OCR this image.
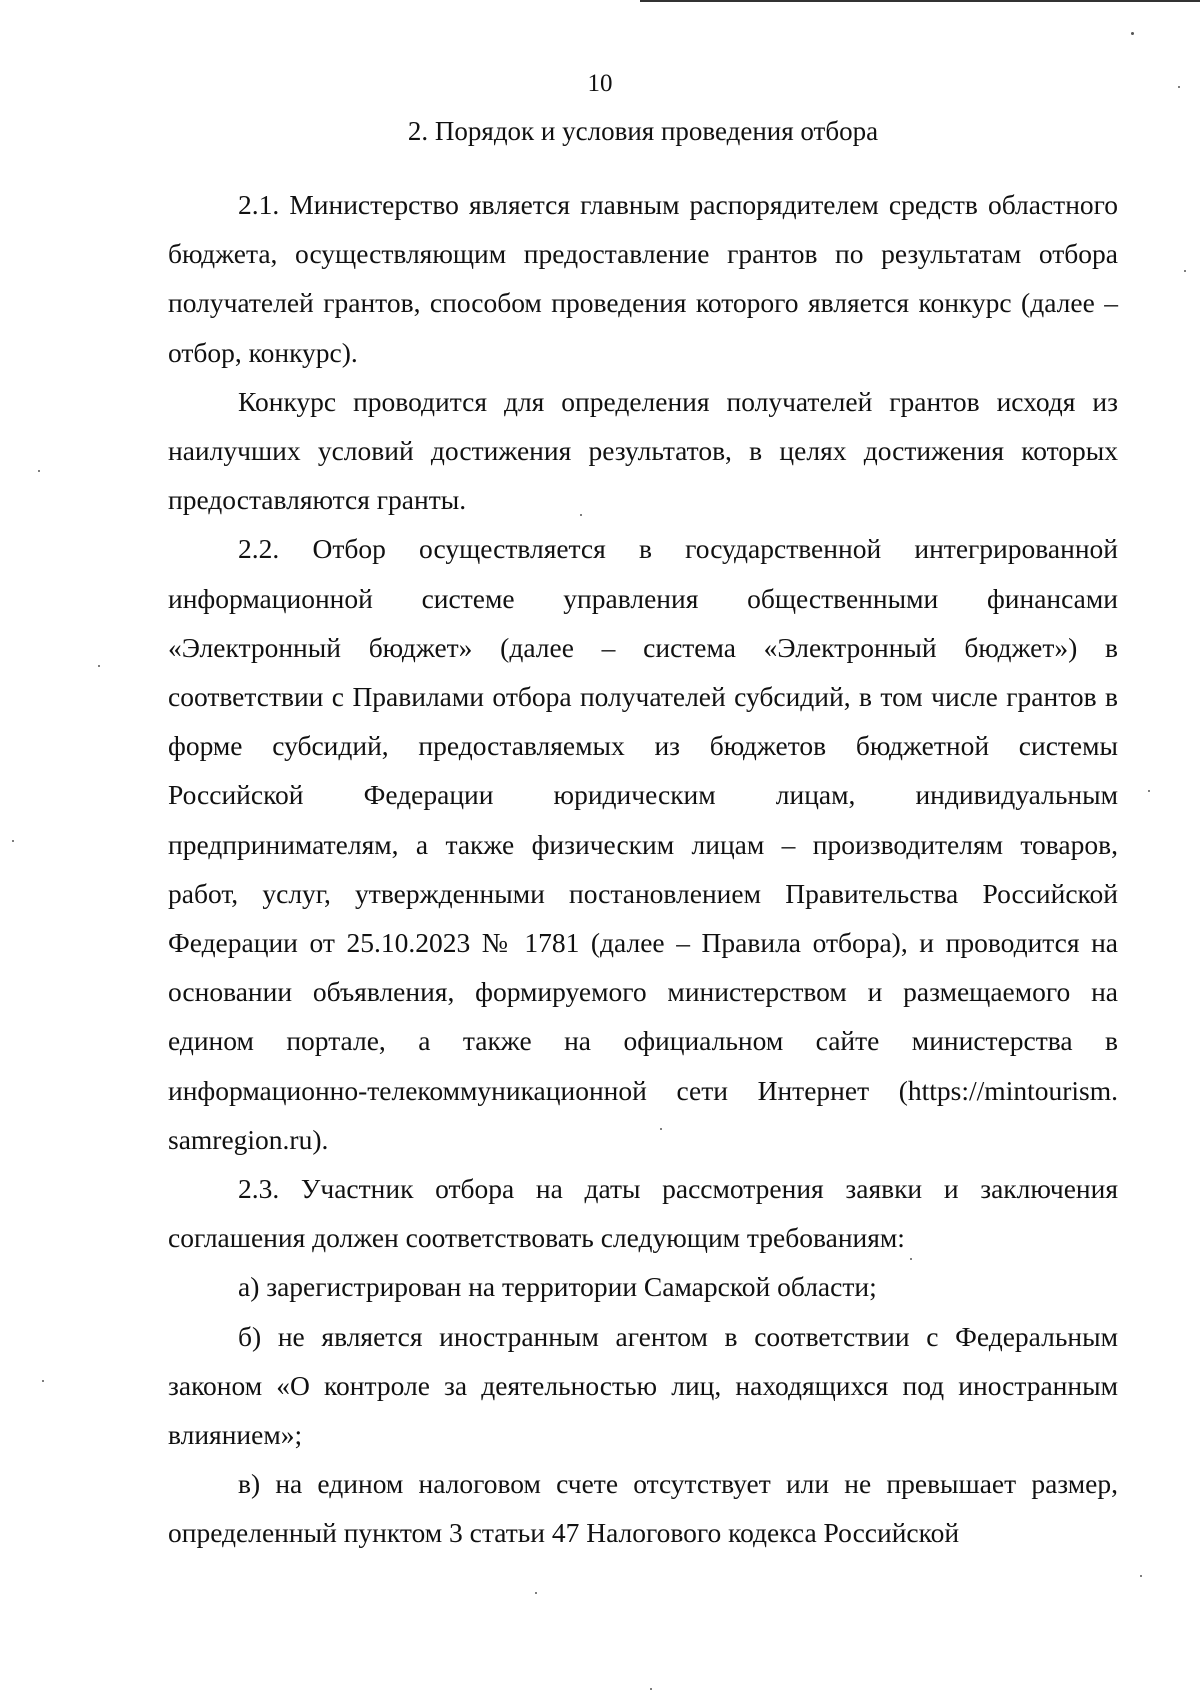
10
2. Порядок и условия проведения отбора

2.1. Министерство является главным распорядителем средств областного бюджета, осуществляющим предоставление грантов по результатам отбора получателей грантов, способом проведения которого является конкурс (далее – отбор, конкурс).

Конкурс проводится для определения получателей грантов исходя из наилучших условий достижения результатов, в целях достижения которых предоставляются гранты.

2.2. Отбор осуществляется в государственной интегрированной информационной системе управления общественными финансами «Электронный бюджет» (далее – система «Электронный бюджет») в соответствии с Правилами отбора получателей субсидий, в том числе грантов в форме субсидий, предоставляемых из бюджетов бюджетной системы Российской Федерации юридическим лицам, индивидуальным предпринимателям, а также физическим лицам – производителям товаров, работ, услуг, утвержденными постановлением Правительства Российской Федерации от 25.10.2023 № 1781 (далее – Правила отбора), и проводится на основании объявления, формируемого министерством и размещаемого на едином портале, а также на официальном сайте министерства в информационно-телекоммуникационной сети Интернет (https://mintourism. samregion.ru).

2.3. Участник отбора на даты рассмотрения заявки и заключения соглашения должен соответствовать следующим требованиям:

а) зарегистрирован на территории Самарской области;

б) не является иностранным агентом в соответствии с Федеральным законом «О контроле за деятельностью лиц, находящихся под иностранным влиянием»;

в) на едином налоговом счете отсутствует или не превышает размер, определенный пунктом 3 статьи 47 Налогового кодекса Российской
